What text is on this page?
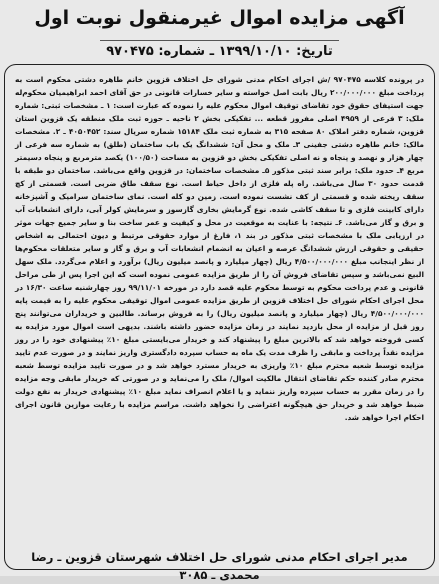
آگهی مزایده اموال غیرمنقول نوبت اول
تاریخ: ۱۳۹۹/۱۰/۱۰ ـ شماره: ۹۷۰۴۷۵

در پرونده کلاسه ۹۷۰۴۷۵ /ش اجرای احکام مدنی شورای حل اختلاف قزوین خانم طاهره دشتی محکوم است به پرداخت مبلغ ۲۰۰/۰۰۰/۰۰۰ ریال بابت اصل خواسته و سایر خسارات قانونی در حق آقای احمد ابراهیمیان محکوم‌له جهت استیفای حقوق خود تقاضای توقیف اموال محکوم علیه را نموده که عبارت است: ۱ ـ مشخصات ثبتی: شماره ملک: ۳ فرعی از ۴۹۵۹ اصلی مفروز قطعه ... تفکیکی بخش ۲ ناحیه ـ حوزه ثبت ملک منطقه یک قزوین استان قزوین، شماره دفتر املاک ۸۰ صفحه ۳۱۵ به شماره ثبت ملک ۱۵۱۸۴ شماره سریال سند: ۴۰۵۰۴۵۲ ـ ۲. مشخصات مالک: خانم طاهره دشتی جفینی ۳ـ ملک و محل آن: ششدانگ یک باب ساختمان (طلق) به شماره سه فرعی از چهار هزار و نهصد و پنجاه و نه اصلی تفکیکی بخش دو قزوین به مساحت (۱۰۰/۵۰) یکصد مترمربع و پنجاه دسیمتر مربع ۴ـ حدود ملک: برابر سند ثبتی مذکور ۵ـ مشخصات ساختمان: در قزوین واقع می‌باشد. ساختمان دو طبقه با قدمت حدود ۳۰ سال می‌باشد. راه پله فلزی از داخل حیاط است. نوع سقف طاق ضربی است. قسمتی از کچ سقف ریخته شده و قسمتی از کف نشست نموده است. زمین دو کله است. نمای ساختمان سرامیک و آشپزخانه دارای کابینت فلزی و تا سقف کاشی شده. نوع گرمایش بخاری گازسوز و سرمایش کولر آبی، دارای انشعابات آب و برق و گاز می‌باشد. ۶ـ نتیجه: با عنایت به موقعیت در محل و کیفیت و عمر ساخت بنا و سایر جمیع جهات موثر در ارزیابی ملک با مشخصات ثبتی مذکور در بند ۱، فارغ از موارد حقوقی مرتبط و دیون احتمالی به اشخاص حقیقی و حقوقی ارزش ششدانگ عرصه و اعیان به انضمام انشعابات آب و برق و گاز و سایر متعلقات محکوم‌ها از نظر اینجانب مبلغ ۴/۵۰۰/۰۰۰/۰۰۰ ریال (چهار میلیارد و پانصد میلیون ریال) برآورد و اعلام می‌گردد. ملک سهل البیع نمی‌باشد و سپس تقاضای فروش آن را از طریق مزایده عمومی نموده است که این اجرا پس از طی مراحل قانونی و عدم پرداخت محکوم به توسط محکوم علیه قصد دارد در مورخه ۹۹/۱۱/۰۱ روز چهارشنبه ساعت ۱۶/۳۰ در محل اجرای احکام شورای حل اختلاف قزوین از طریق مزایده عمومی اموال توقیفی محکوم علیه را به قیمت پایه ۴/۵۰۰/۰۰۰/۰۰۰ ریال (چهار میلیارد و پانصد میلیون ریال) را به فروش برساند. طالبین و خریداران می‌توانند پنج روز قبل از مزایده از محل بازدید نمایند در زمان مزایده حضور داشته باشند. بدیهی است اموال مورد مزایده به کسی فروخته خواهد شد که بالاترین مبلغ را پیشنهاد کند و خریدار می‌بایستی مبلغ ۱۰٪ پیشنهادی خود را در روز مزایده نقداً پرداخت و مابقی را ظرف مدت یک ماه به حساب سپرده دادگستری واریز نمایند و در صورت عدم تایید مزایده توسط شعبه محترم مبلغ ۱۰٪ واریزی به خریدار مسترد خواهد شد و در صورت تایید مزایده توسط شعبه محترم صادر کننده حکم تقاضای انتقال مالکیت اموال/ ملک را می‌نماید و در صورتی که خریدار مابقی وجه مزایده را در زمان مقرر به حساب سپرده واریز ننماید و یا اعلام انصراف نماید مبلغ ۱۰٪ پیشنهادی خریدار به نفع دولت ضبط خواهد شد و خریدار حق هیچگونه اعتراضی را نخواهد داشت. مراسم مزایده با رعایت موازین قانون اجرای احکام اجرا خواهد شد.

مدیر اجرای احکام مدنی شورای حل اختلاف شهرستان قزوین ـ رضا محمدی ـ ۳۰۸۵
